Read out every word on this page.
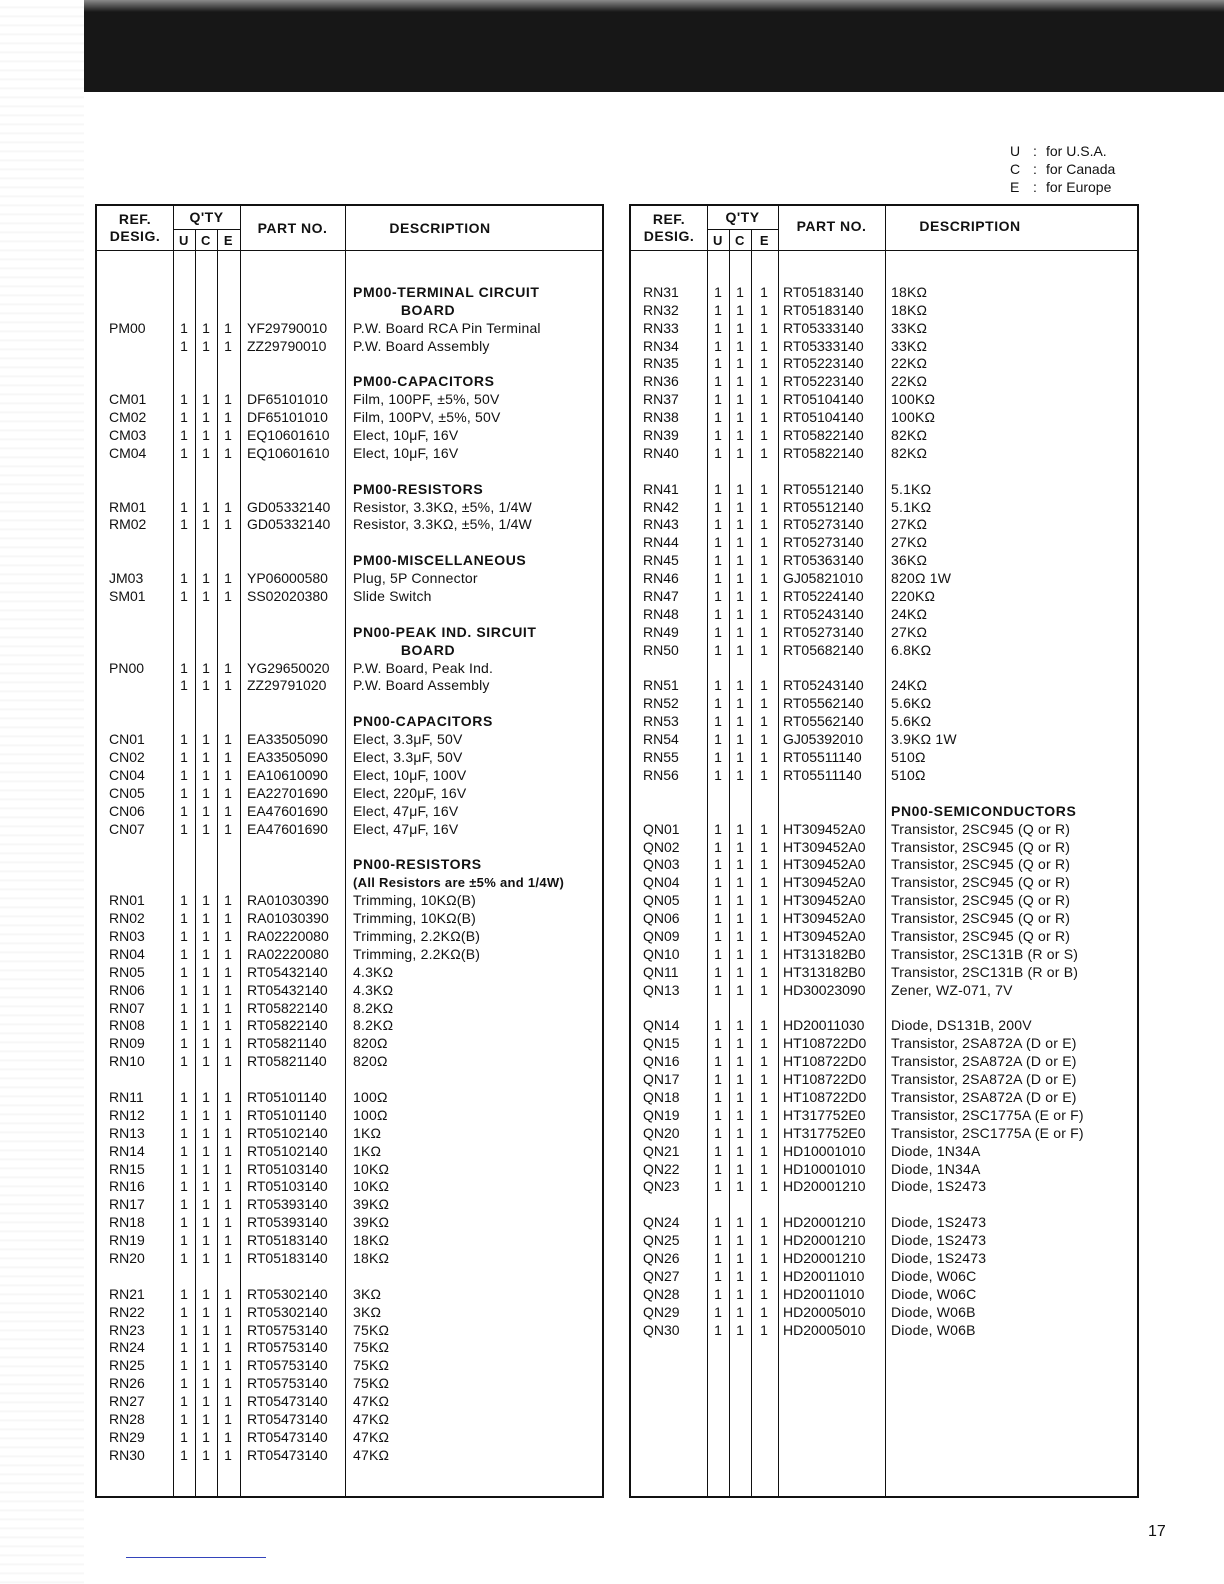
U : for U.S.A.
C : for Canada
E : for Europe
REF.
DESIG.
Q'TY
U C E
PART NO.	DESCRIPTION
PM00-TERMINAL CIRCUIT
BOARD
PM00	1	1	1	YF29790010 P.W. Board RCA Pin Terminal
1	1	1	ZZ29790010 P.W. Board Assembly
PM00-CAPACITORS
CM01	1	1	1	DF65101010 Film, 100PF, ±5%, 50V
CM02	1	1	1	DF65101010 Film, 100PV, ±5%, 50V
CM03	1	1	1	EQ10601610 Elect, 10μF, 16V
CM04	1	1	1	EQ10601610 Elect, 10μF, 16V
PM00-RESISTORS
RM01	1	1	1	GD05332140 Resistor, 3.3KΩ, ±5%, 1/4W
RM02	1	1	1	GD05332140 Resistor, 3.3KΩ, ±5%, 1/4W
PM00-MISCELLANEOUS
JM03	1	1	1	YP06000580 Plug, 5P Connector
SM01	1	1	1	SS02020380 Slide Switch
PN00-PEAK IND. SIRCUIT
BOARD
PN00	1	1	1	YG29650020 P.W. Board, Peak Ind.
1	1	1	ZZ29791020 P.W. Board Assembly
PN00-CAPACITORS
CN01	1	1	1	EA33505090 Elect, 3.3μF, 50V
CN02	1	1	1	EA33505090 Elect, 3.3μF, 50V
CN04	1	1	1	EA10610090 Elect, 10μF, 100V
CN05	1	1	1	EA22701690 Elect, 220μF, 16V
CN06	1	1	1	EA47601690 Elect, 47μF, 16V
CN07	1	1	1	EA47601690 Elect, 47μF, 16V
PN00-RESISTORS
(All Resistors are ±5% and 1/4W)
RN01	1	1	1	RA01030390 Trimming, 10KΩ(B)
RN02	1	1	1	RA01030390 Trimming, 10KΩ(B)
RN03	1	1	1	RA02220080 Trimming, 2.2KΩ(B)
RN04	1	1	1	RA02220080 Trimming, 2.2KΩ(B)
RN05	1	1	1	RT05432140 4.3KΩ
RN06	1	1	1	RT05432140 4.3KΩ
RN07	1	1	1	RT05822140 8.2KΩ
RN08	1	1	1	RT05822140 8.2KΩ
RN09	1	1	1	RT05821140 820Ω
RN10	1	1	1	RT05821140 820Ω
RN11	1	1	1	RT05101140 100Ω
RN12	1	1	1	RT05101140 100Ω
RN13	1	1	1	RT05102140 1KΩ
RN14	1	1	1	RT05102140 1KΩ
RN15	1	1	1	RT05103140 10KΩ
RN16	1	1	1	RT05103140 10KΩ
RN17	1	1	1	RT05393140 39KΩ
RN18	1	1	1	RT05393140 39KΩ
RN19	1	1	1	RT05183140 18KΩ
RN20	1	1	1	RT05183140 18KΩ
RN21	1	1	1	RT05302140 3KΩ
RN22	1	1	1	RT05302140 3KΩ
RN23	1	1	1	RT05753140 75KΩ
RN24	1	1	1	RT05753140 75KΩ
RN25	1	1	1	RT05753140 75KΩ
RN26	1	1	1	RT05753140 75KΩ
RN27	1	1	1	RT05473140 47KΩ
RN28	1	1	1	RT05473140 47KΩ
RN29	1	1	1	RT05473140 47KΩ
RN30	1	1	1	RT05473140 47KΩ
REF.
DESIG.
Q'TY
U C	E
PART NO.	DESCRIPTION
RN31	1	1	1	RT05183140 18KΩ
RN32	1	1	1	RT05183140 18KΩ
RN33	1	1	1	RT05333140 33KΩ
RN34	1	1	1	RT05333140 33KΩ
RN35	1	1	1	RT05223140 22KΩ
RN36	1	1	1	RT05223140 22KΩ
RN37	1	1	1	RT05104140 100KΩ
RN38	1	1	1	RT05104140 100KΩ
RN39	1	1	1	RT05822140 82KΩ
RN40	1	1	1	RT05822140 82KΩ
RN41	1	1	1	RT05512140 5.1KΩ
RN42	1	1	1	RT05512140 5.1KΩ
RN43	1	1	1	RT05273140 27KΩ
RN44	1	1	1	RT05273140 27KΩ
RN45	1	1	1	RT05363140 36KΩ
RN46	1	1	1	GJ05821010 820Ω 1W
RN47	1	1	1	RT05224140 220KΩ
RN48	1	1	1	RT05243140 24KΩ
RN49	1	1	1	RT05273140 27KΩ
RN50	1	1	1	RT05682140 6.8KΩ
RN51	1	1	1	RT05243140 24KΩ
RN52	1	1	1	RT05562140 5.6KΩ
RN53	1	1	1	RT05562140 5.6KΩ
RN54	1	1	1	GJ05392010 3.9KΩ 1W
RN55	1	1	1	RT05511140 510Ω
RN56	1	1	1	RT05511140 510Ω
PN00-SEMICONDUCTORS
QN01	1	1	1	HT309452A0 Transistor, 2SC945 (Q or R)
QN02	1	1	1	HT309452A0 Transistor, 2SC945 (Q or R)
QN03	1	1	1	HT309452A0 Transistor, 2SC945 (Q or R)
QN04	1	1	1	HT309452A0 Transistor, 2SC945 (Q or R)
QN05	1	1	1	HT309452A0 Transistor, 2SC945 (Q or R)
QN06	1	1	1	HT309452A0 Transistor, 2SC945 (Q or R)
QN09	1	1	1	HT309452A0 Transistor, 2SC945 (Q or R)
QN10	1	1	1	HT313182B0 Transistor, 2SC131B (R or S)
QN11	1	1	1	HT313182B0 Transistor, 2SC131B (R or B)
QN13	1	1	1	HD30023090 Zener, WZ-071, 7V
QN14	1	1	1	HD20011030 Diode, DS131B, 200V
QN15	1	1	1	HT108722D0 Transistor, 2SA872A (D or E)
QN16	1	1	1	HT108722D0 Transistor, 2SA872A (D or E)
QN17	1	1	1	HT108722D0 Transistor, 2SA872A (D or E)
QN18	1	1	1	HT108722D0 Transistor, 2SA872A (D or E)
QN19	1	1	1	HT317752E0 Transistor, 2SC1775A (E or F)
QN20	1	1	1	HT317752E0 Transistor, 2SC1775A (E or F)
QN21	1	1	1	HD10001010 Diode, 1N34A
QN22	1	1	1	HD10001010 Diode, 1N34A
QN23	1	1	1	HD20001210 Diode, 1S2473
QN24	1	1	1	HD20001210 Diode, 1S2473
QN25	1	1	1	HD20001210 Diode, 1S2473
QN26	1	1	1	HD20001210 Diode, 1S2473
QN27	1	1	1	HD20011010 Diode, W06C
QN28	1	1	1	HD20011010 Diode, W06C
QN29	1	1	1	HD20005010 Diode, W06B
QN30	1	1	1	HD20005010 Diode, W06B
17
